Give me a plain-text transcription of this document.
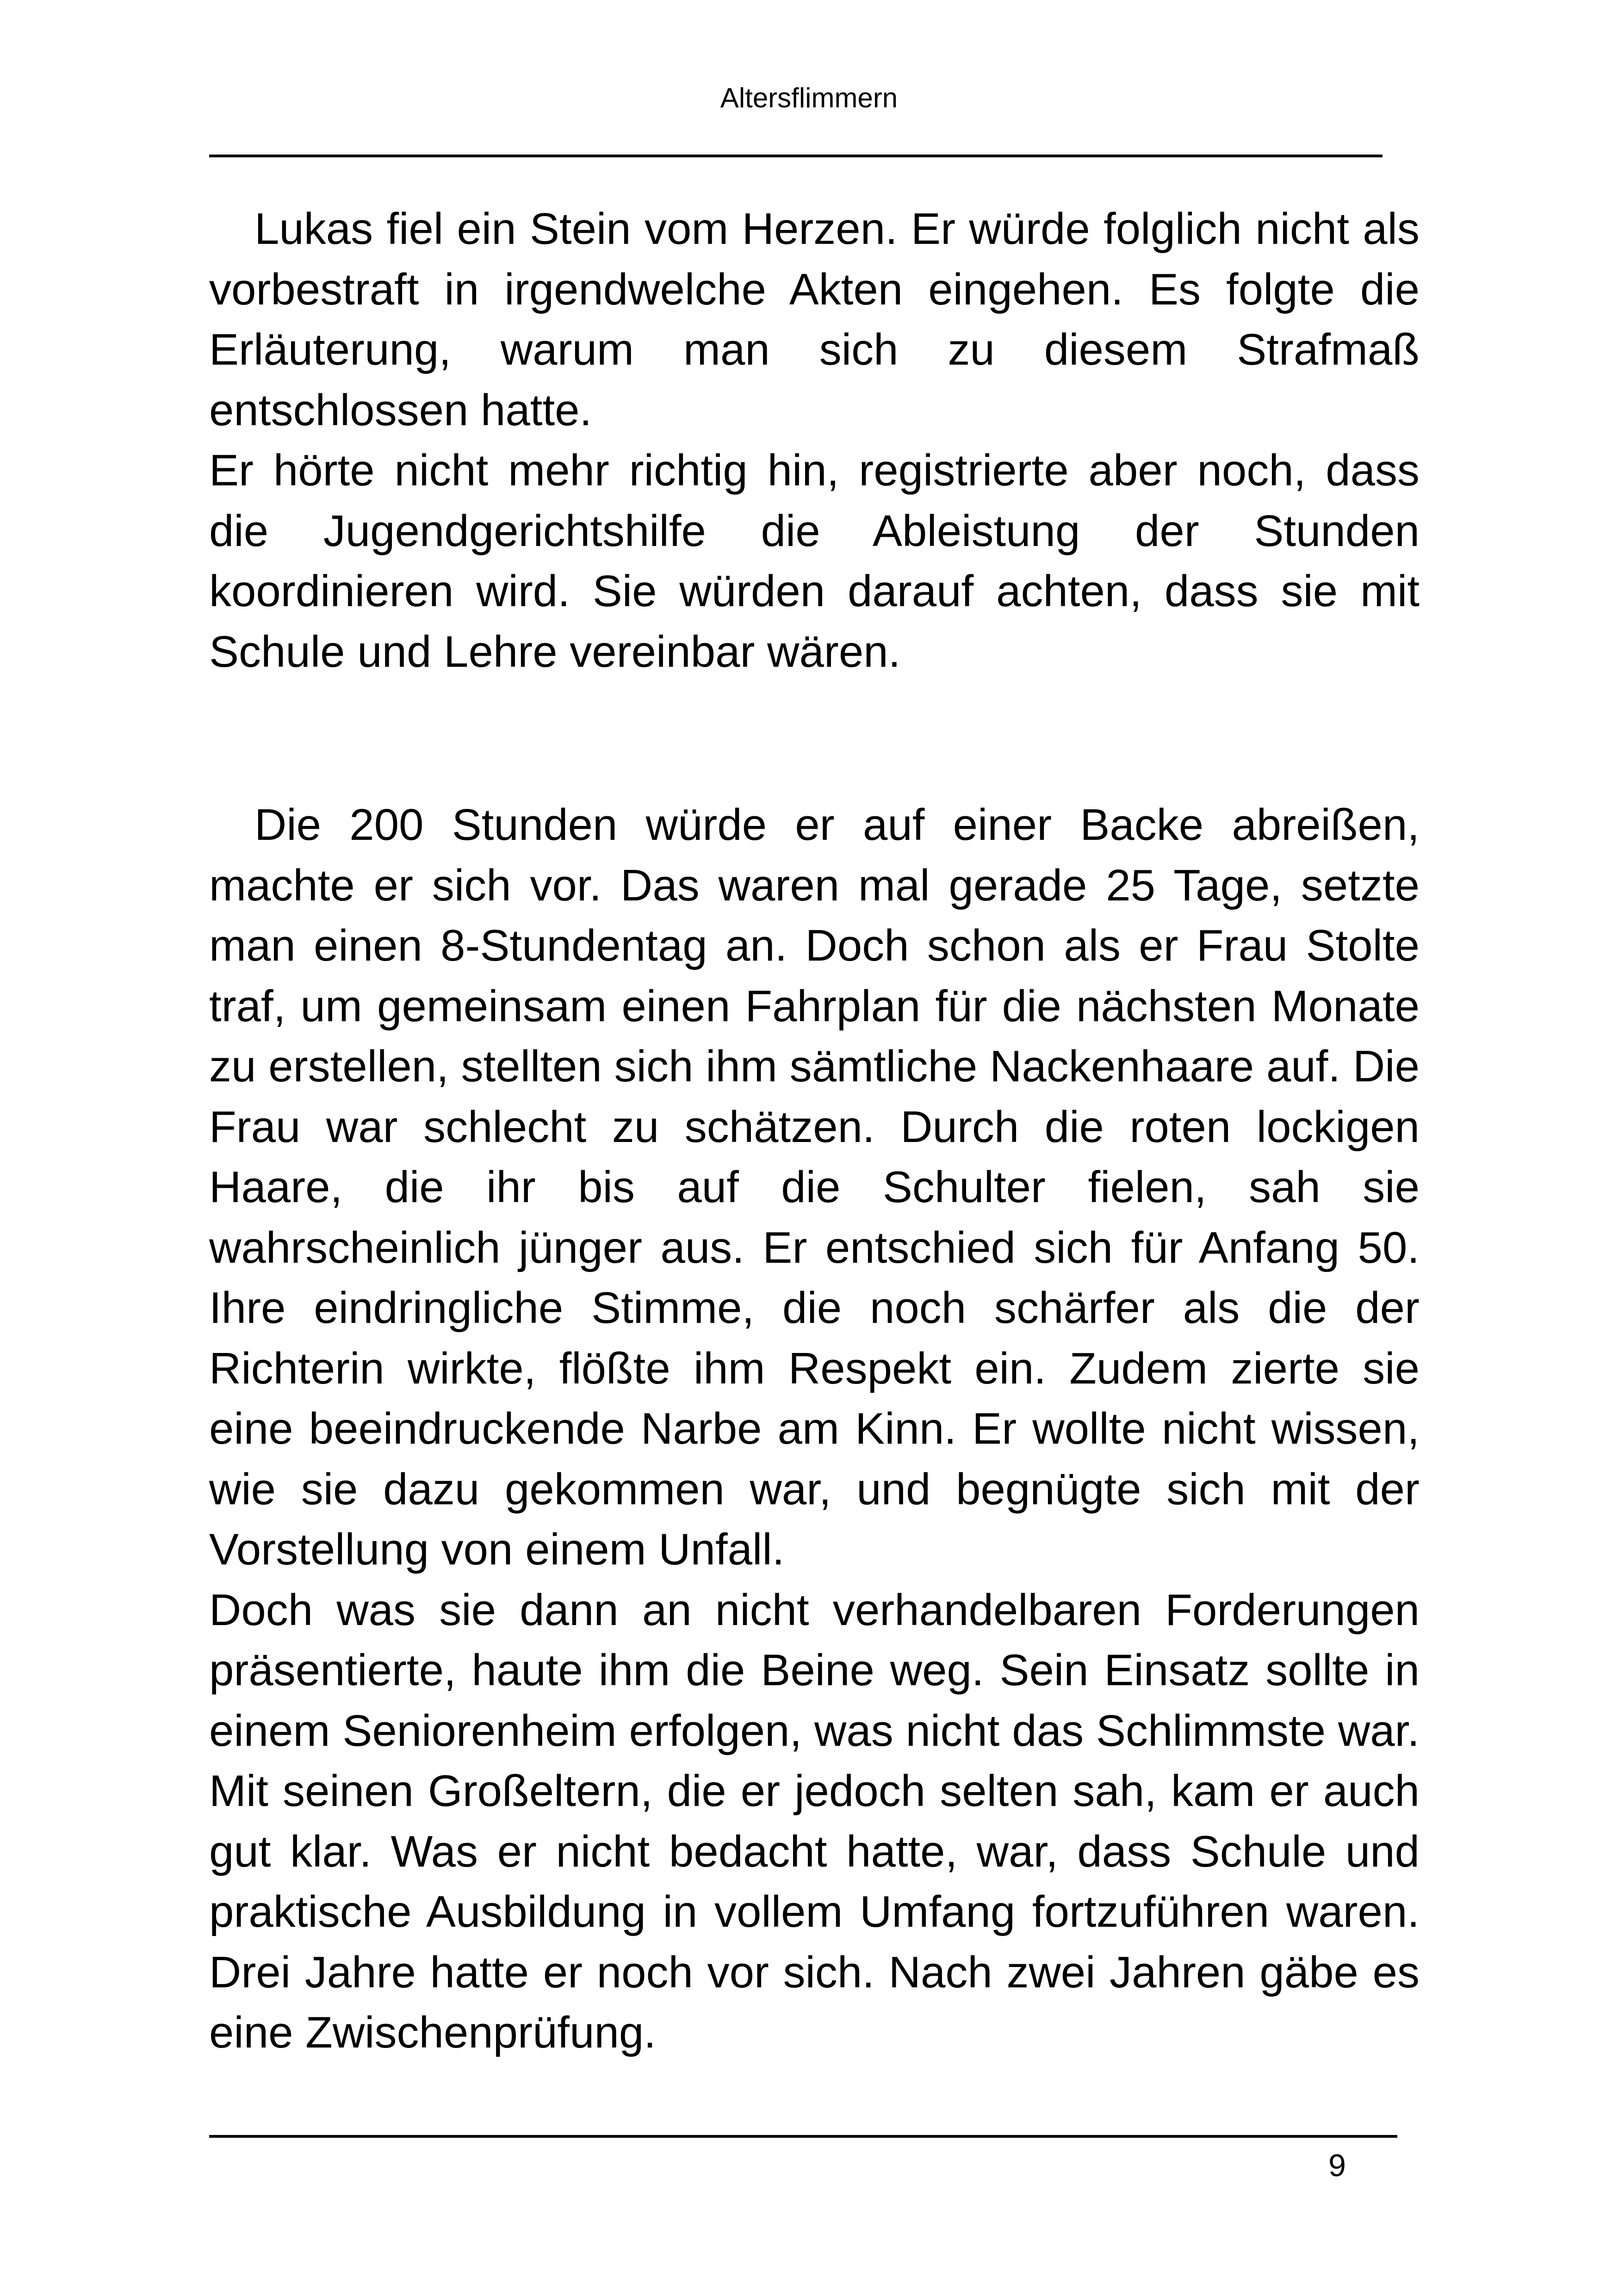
Altersflimmern

Lukas fiel ein Stein vom Herzen. Er würde folglich nicht als vorbestraft in irgendwelche Akten eingehen. Es folgte die Erläuterung, warum man sich zu diesem Strafmaß entschlossen hatte.

Er hörte nicht mehr richtig hin, registrierte aber noch, dass die Jugendgerichtshilfe die Ableistung der Stunden koordinieren wird. Sie würden darauf achten, dass sie mit Schule und Lehre vereinbar wären.

Die 200 Stunden würde er auf einer Backe abreißen, machte er sich vor. Das waren mal gerade 25 Tage, setzte man einen 8-Stundentag an. Doch schon als er Frau Stolte traf, um gemeinsam einen Fahrplan für die nächsten Monate zu erstellen, stellten sich ihm sämtliche Nackenhaare auf. Die Frau war schlecht zu schätzen. Durch die roten lockigen Haare, die ihr bis auf die Schulter fielen, sah sie wahrscheinlich jünger aus. Er entschied sich für Anfang 50. Ihre eindringliche Stimme, die noch schärfer als die der Richterin wirkte, flößte ihm Respekt ein. Zudem zierte sie eine beeindruckende Narbe am Kinn. Er wollte nicht wissen, wie sie dazu gekommen war, und begnügte sich mit der Vorstellung von einem Unfall.

Doch was sie dann an nicht verhandelbaren Forderungen präsentierte, haute ihm die Beine weg. Sein Einsatz sollte in einem Seniorenheim erfolgen, was nicht das Schlimmste war. Mit seinen Großeltern, die er jedoch selten sah, kam er auch gut klar. Was er nicht bedacht hatte, war, dass Schule und praktische Ausbildung in vollem Umfang fortzuführen waren. Drei Jahre hatte er noch vor sich. Nach zwei Jahren gäbe es eine Zwischenprüfung.

9
